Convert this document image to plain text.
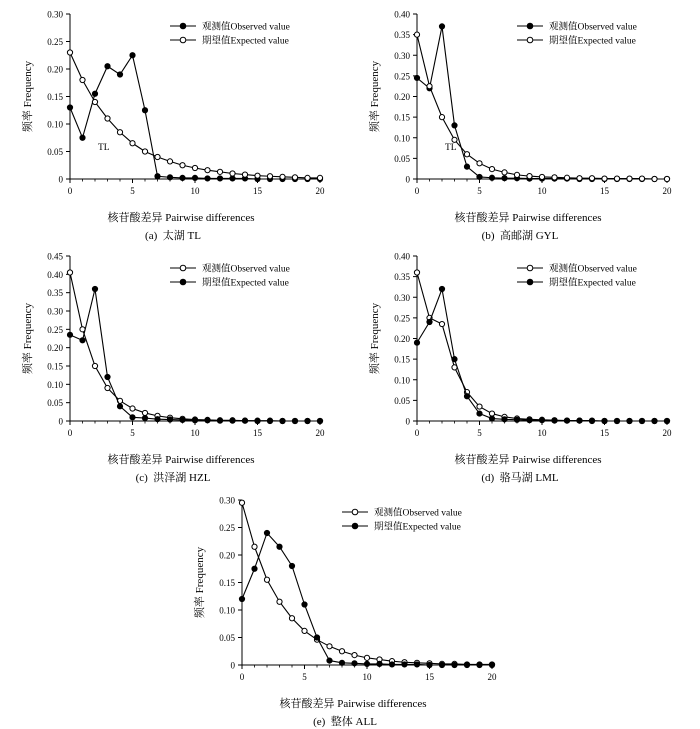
0
0.05
0.10
0.15
0.20
0.25
0.30
0	5	10	15	20
频率 Frequency
TL
观测值Observed value
期望值Expected value
核苷酸差异 Pairwise differences
(a)  太湖 TL
0
0.05
0.10
0.15
0.20
0.25
0.30
0.35
0.40
0	5	10	15	20
频率 Frequency
TL
观测值Observed value
期望值Expected value
核苷酸差异 Pairwise differences
(b)  高邮湖 GYL
0
0.05
0.10
0.15
0.20
0.25
0.30
0.35
0.40
0.45
0	5	10	15	20
频率 Frequency
观测值Observed value
期望值Expected value
核苷酸差异 Pairwise differences
(c)  洪泽湖 HZL
0
0.05
0.10
0.15
0.20
0.25
0.30
0.35
0.40
0	5	10	15	20
频率 Frequency
观测值Observed value
期望值Expected value
核苷酸差异 Pairwise differences
(d)  骆马湖 LML
0
0.05
0.10
0.15
0.20
0.25
0.30
0	5	10	15	20
频率 Frequency
观测值Observed value
期望值Expected value
核苷酸差异 Pairwise differences
(e)  整体 ALL
